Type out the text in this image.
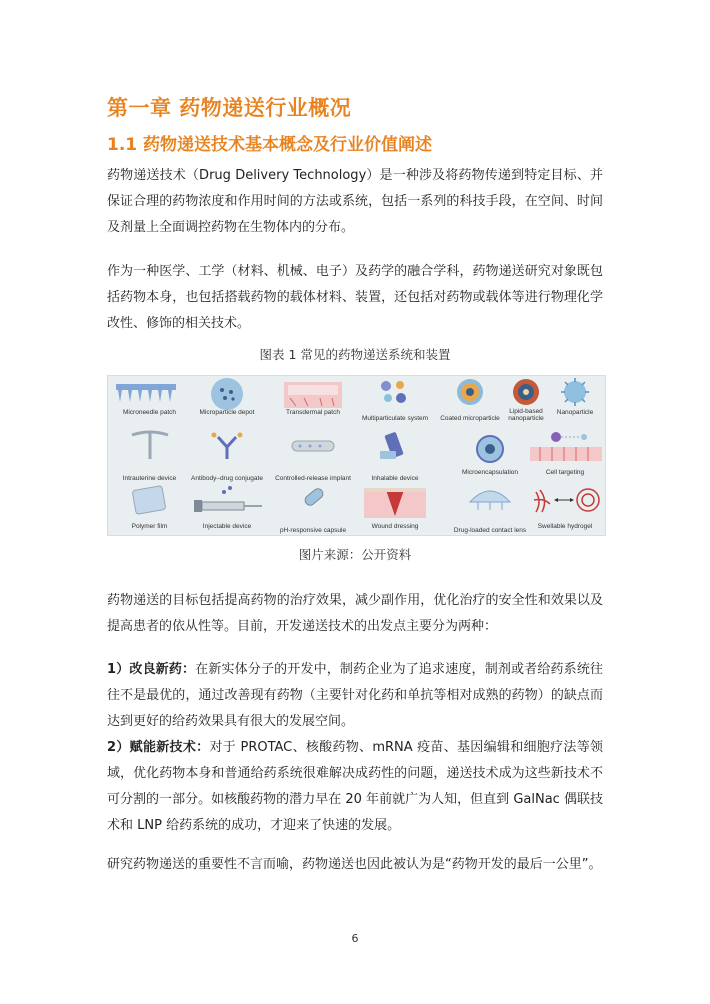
第一章 药物递送行业概况
1.1 药物递送技术基本概念及行业价值阐述

药物递送技术（Drug Delivery Technology）是一种涉及将药物传递到特定目标、并保证合理的药物浓度和作用时间的方法或系统，包括一系列的科技手段，在空间、时间及剂量上全面调控药物在生物体内的分布。

作为一种医学、工学（材料、机械、电子）及药学的融合学科，药物递送研究对象既包括药物本身，也包括搭载药物的载体材料、装置，还包括对药物或载体等进行物理化学改性、修饰的相关技术。

图表 1 常见的药物递送系统和装置

Microneedle patch	Microparticle depot	Transdermal patch
Multiparticulate system	Coated microparticle
Lipid-based nanoparticle
Nanoparticle
Intrauterine device	Antibody–drug conjugate	Controlled-release implant	Inhalable device
Microencapsulation	Cell targeting
Polymer film	Injectable device
pH-responsive capsule
Wound dressing
Drug-loaded contact lens
Swellable hydrogel

图片来源：公开资料

药物递送的目标包括提高药物的治疗效果，减少副作用，优化治疗的安全性和效果以及提高患者的依从性等。目前，开发递送技术的出发点主要分为两种：

1）改良新药：在新实体分子的开发中，制药企业为了追求速度，制剂或者给药系统往往不是最优的，通过改善现有药物（主要针对化药和单抗等相对成熟的药物）的缺点而达到更好的给药效果具有很大的发展空间。

2）赋能新技术：对于 PROTAC、核酸药物、mRNA 疫苗、基因编辑和细胞疗法等领域，优化药物本身和普通给药系统很难解决成药性的问题，递送技术成为这些新技术不可分割的一部分。如核酸药物的潜力早在 20 年前就广为人知，但直到 GalNac 偶联技术和 LNP 给药系统的成功，才迎来了快速的发展。

研究药物递送的重要性不言而喻，药物递送也因此被认为是“药物开发的最后一公里”。

6
